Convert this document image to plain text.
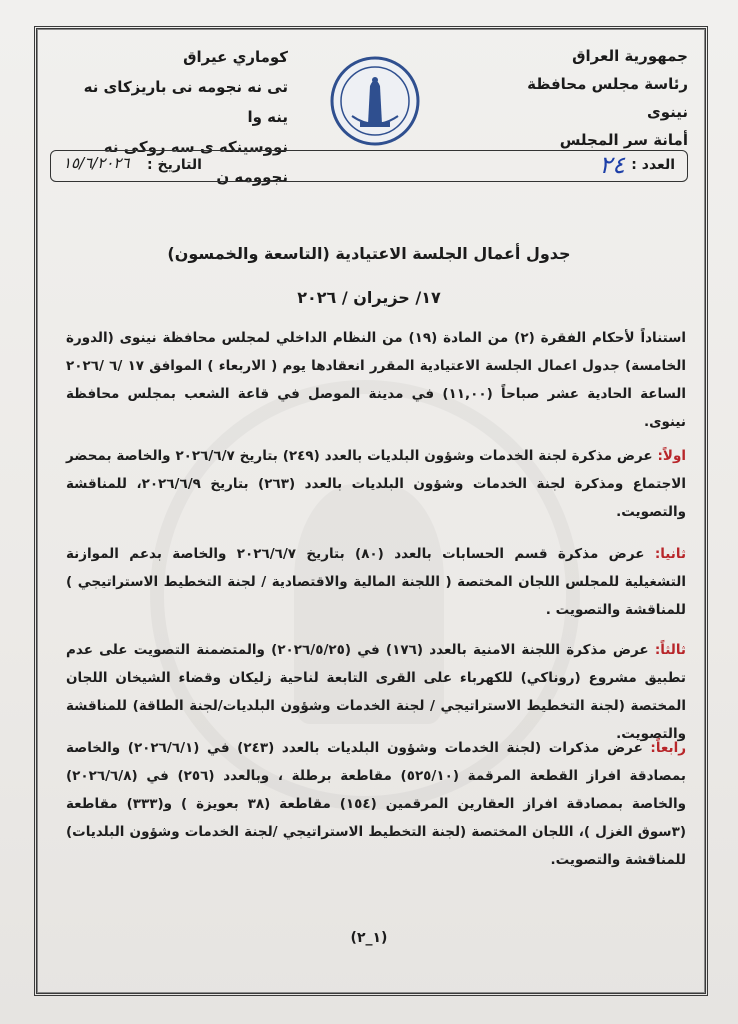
جمهورية العراق
رئاسة مجلس محافظة نينوى
أمانة سر المجلس
كوماري عيراق
تى نه نجومه نى باريزكاى نه ينه وا
نووسينكه ى سه روكى نه نجوومه ن
العدد :
٢٤
التاريخ :
١٥/٦/٢٠٢٦
جدول أعمال الجلسة الاعتيادية (التاسعة والخمسون)
١٧/ حزيران / ٢٠٢٦
استناداً لأحكام الفقرة (٢) من المادة (١٩) من النظام الداخلي لمجلس محافظة نينوى (الدورة الخامسة) جدول اعمال الجلسة الاعتيادية المقرر انعقادها يوم ( الاربعاء ) الموافق ١٧ /٦ /٢٠٢٦ الساعة الحادية عشر صباحاً (١١,٠٠) في مدينة الموصل في قاعة الشعب بمجلس محافظة نينوى.
اولاً: عرض مذكرة لجنة الخدمات وشؤون البلديات بالعدد (٢٤٩) بتاريخ ٢٠٢٦/٦/٧ والخاصة بمحضر الاجتماع ومذكرة لجنة الخدمات وشؤون البلديات بالعدد (٢٦٣) بتاريخ ٢٠٢٦/٦/٩، للمناقشة والتصويت.
ثانيا: عرض مذكرة قسم الحسابات بالعدد (٨٠) بتاريخ ٢٠٢٦/٦/٧ والخاصة بدعم الموازنة التشغيلية للمجلس اللجان المختصة ( اللجنة المالية والاقتصادية / لجنة التخطيط الاستراتيجي ) للمناقشة والتصويت .
ثالثاً: عرض مذكرة اللجنة الامنية بالعدد (١٧٦) في (٢٠٢٦/٥/٢٥) والمتضمنة التصويت على عدم تطبيق مشروع (روناكي) للكهرباء على القرى التابعة لناحية زليكان وقضاء الشيخان اللجان المختصة (لجنة التخطيط الاستراتيجي / لجنة الخدمات وشؤون البلديات/لجنة الطاقة) للمناقشة والتصويت.
رابعاً: عرض مذكرات (لجنة الخدمات وشؤون البلديات بالعدد (٢٤٣) في (٢٠٢٦/٦/١) والخاصة بمصادقة افراز القطعة المرقمة (٥٢٥/١٠) مقاطعة برطلة ، وبالعدد (٢٥٦) في (٢٠٢٦/٦/٨) والخاصة بمصادقة افراز العقارين المرقمين (١٥٤) مقاطعة (٣٨ بعويزة ) و(٣٣٣) مقاطعة (٣سوق الغزل )، اللجان المختصة (لجنة التخطيط الاستراتيجي /لجنة الخدمات وشؤون البلديات) للمناقشة والتصويت.
(١_٢)
